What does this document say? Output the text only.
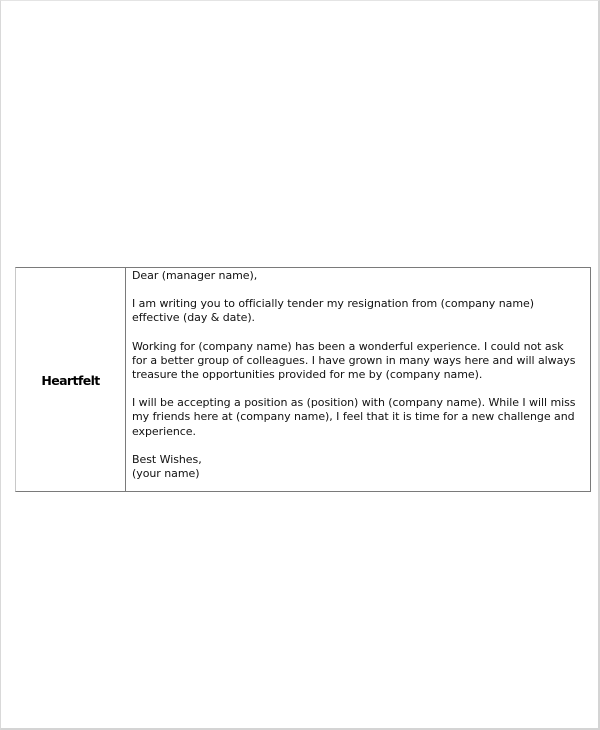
Heartfelt

Dear (manager name),

I am writing you to officially tender my resignation from (company name)
effective (day & date).

Working for (company name) has been a wonderful experience. I could not ask
for a better group of colleagues. I have grown in many ways here and will always
treasure the opportunities provided for me by (company name).

I will be accepting a position as (position) with (company name). While I will miss
my friends here at (company name), I feel that it is time for a new challenge and
experience.

Best Wishes,

(your name)
